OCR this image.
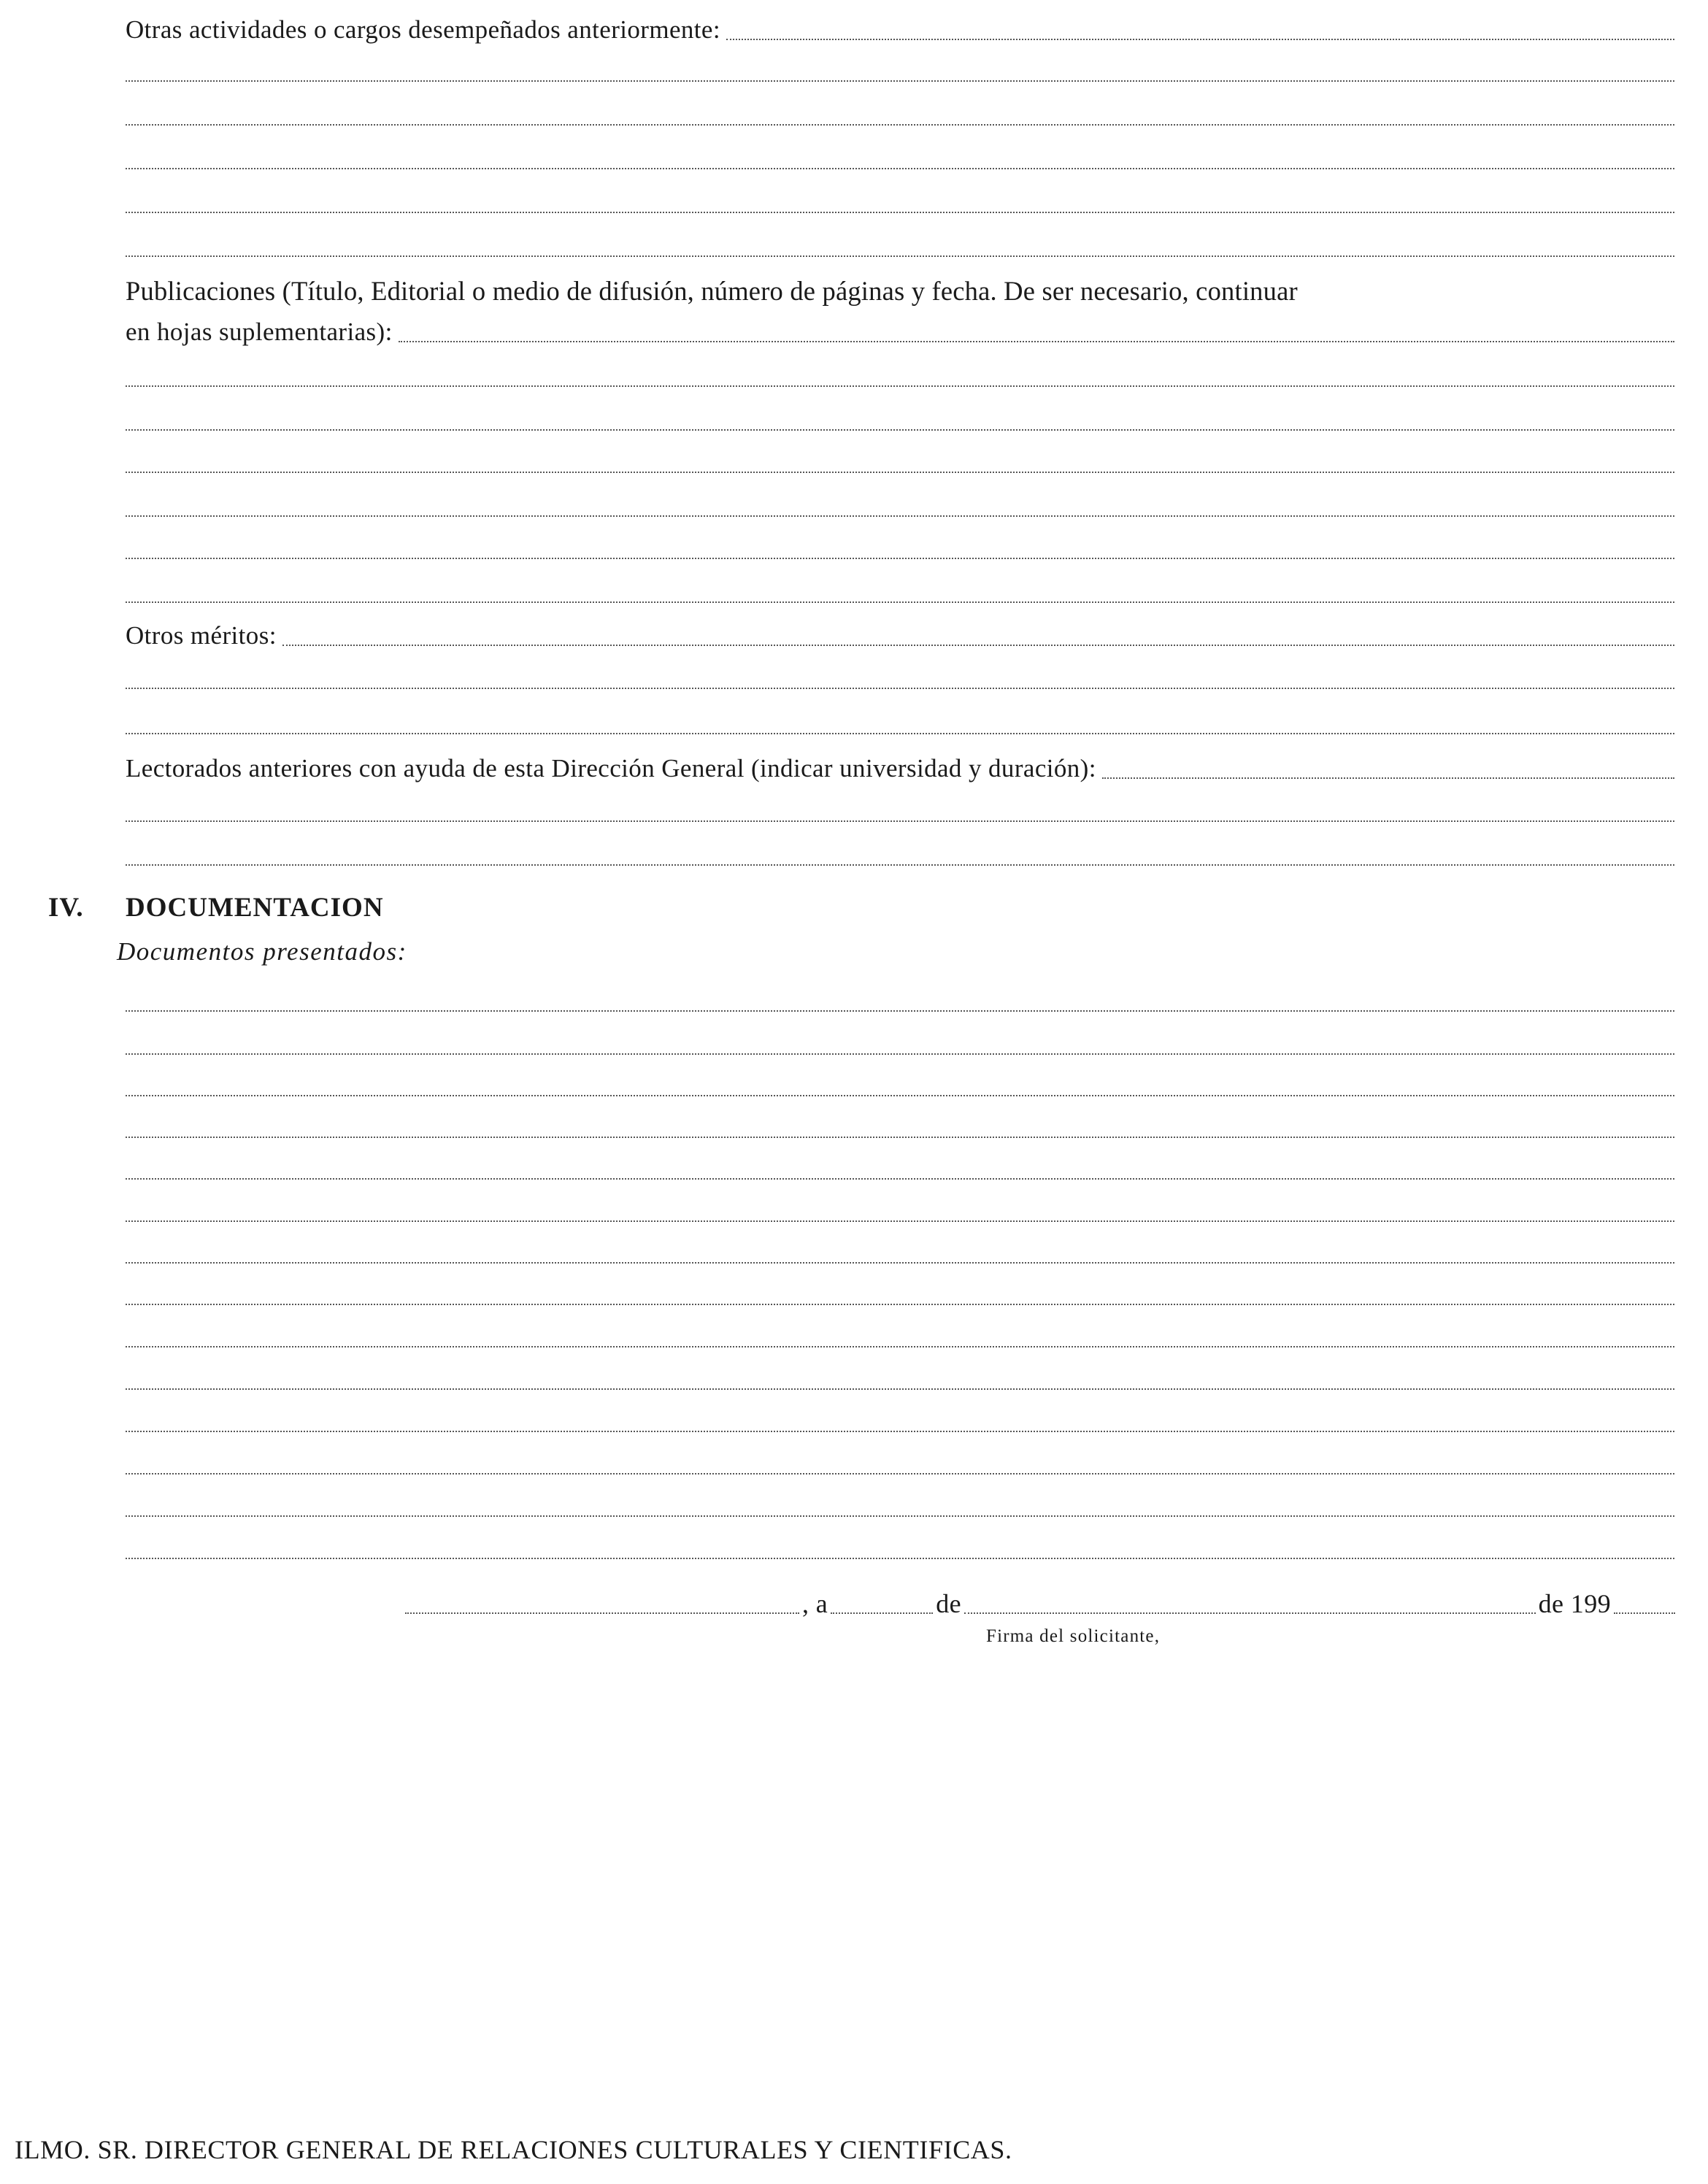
Otras actividades o cargos desempeñados anteriormente:
Publicaciones (Título, Editorial o medio de difusión, número de páginas y fecha. De ser necesario, continuar
en hojas suplementarias):
Otros méritos:
Lectorados anteriores con ayuda de esta Dirección General (indicar universidad y duración):
IV. DOCUMENTACION
Documentos presentados:
, a	de	de 199
Firma del solicitante,
ILMO. SR. DIRECTOR GENERAL DE RELACIONES CULTURALES Y CIENTIFICAS.
